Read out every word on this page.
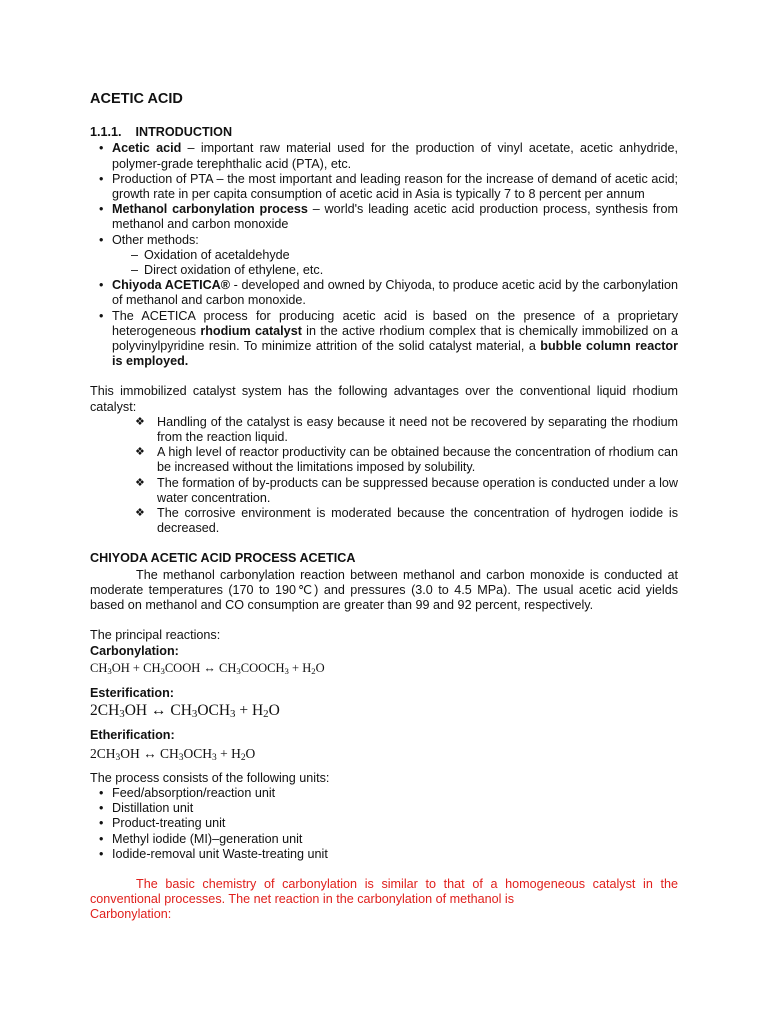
ACETIC ACID
1.1.1.    INTRODUCTION
• Acetic acid – important raw material used for the production of vinyl acetate, acetic anhydride, polymer-grade terephthalic acid (PTA), etc.
• Production of PTA – the most important and leading reason for the increase of demand of acetic acid; growth rate in per capita consumption of acetic acid in Asia is typically 7 to 8 percent per annum
• Methanol carbonylation process – world's leading acetic acid production process, synthesis from methanol and carbon monoxide
• Other methods:
– Oxidation of acetaldehyde
– Direct oxidation of ethylene, etc.
• Chiyoda ACETICA® - developed and owned by Chiyoda, to produce acetic acid by the carbonylation of methanol and carbon monoxide.
• The ACETICA process for producing acetic acid is based on the presence of a proprietary heterogeneous rhodium catalyst in the active rhodium complex that is chemically immobilized on a polyvinylpyridine resin. To minimize attrition of the solid catalyst material, a bubble column reactor is employed.
This immobilized catalyst system has the following advantages over the conventional liquid rhodium catalyst:
❖ Handling of the catalyst is easy because it need not be recovered by separating the rhodium from the reaction liquid.
❖ A high level of reactor productivity can be obtained because the concentration of rhodium can be increased without the limitations imposed by solubility.
❖ The formation of by-products can be suppressed because operation is conducted under a low water concentration.
❖ The corrosive environment is moderated because the concentration of hydrogen iodide is decreased.
CHIYODA ACETIC ACID PROCESS ACETICA
The methanol carbonylation reaction between methanol and carbon monoxide is conducted at moderate temperatures (170 to 190℃) and pressures (3.0 to 4.5 MPa). The usual acetic acid yields based on methanol and CO consumption are greater than 99 and 92 percent, respectively.
The principal reactions:
Carbonylation:
$CH_3OH$ + $CH_3COOH$ ↔ $CH_3COOCH_3 + H_2O$
Esterification:
$2CH_3OH$ ↔ $CH_3OCH_3 + H_2O$
Etherification:
$2CH_3OH$ ↔ $CH_3OCH_3 + H_2O$
The process consists of the following units:
• Feed/absorption/reaction unit
• Distillation unit
• Product-treating unit
• Methyl iodide (MI)–generation unit
• Iodide-removal unit Waste-treating unit
The basic chemistry of carbonylation is similar to that of a homogeneous catalyst in the conventional processes. The net reaction in the carbonylation of methanol is
Carbonylation:
